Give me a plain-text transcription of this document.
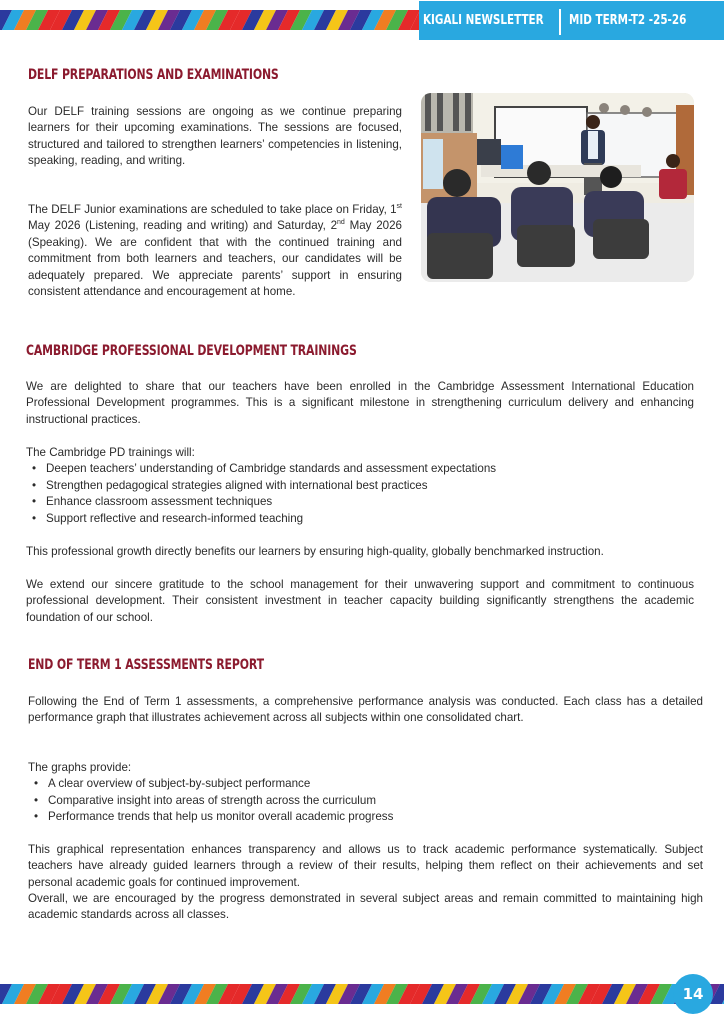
KIGALI NEWSLETTER MID TERM-T2 -25-26
DELF PREPARATIONS AND EXAMINATIONS

Our DELF training sessions are ongoing as we continue preparing learners for their upcoming examinations. The sessions are focused, structured and tailored to strengthen learners’ competencies in listening, speaking, reading, and writing.

The DELF Junior examinations are scheduled to take place on Friday, 1st May 2026 (Listening, reading and writing) and Saturday, 2nd May 2026 (Speaking). We are confident that with the continued training and commitment from both learners and teachers, our candidates will be adequately prepared. We appreciate parents’ support in ensuring consistent attendance and encouragement at home.

CAMBRIDGE PROFESSIONAL DEVELOPMENT TRAININGS

We are delighted to share that our teachers have been enrolled in the Cambridge Assessment International Education Professional Development programmes. This is a significant milestone in strengthening curriculum delivery and enhancing instructional practices.

The Cambridge PD trainings will:

• Deepen teachers’ understanding of Cambridge standards and assessment expectations
• Strengthen pedagogical strategies aligned with international best practices
• Enhance classroom assessment techniques
• Support reflective and research-informed teaching

This professional growth directly benefits our learners by ensuring high-quality, globally benchmarked instruction.

We extend our sincere gratitude to the school management for their unwavering support and commitment to continuous professional development. Their consistent investment in teacher capacity building significantly strengthens the academic foundation of our school.

END OF TERM 1 ASSESSMENTS REPORT

Following the End of Term 1 assessments, a comprehensive performance analysis was conducted. Each class has a detailed performance graph that illustrates achievement across all subjects within one consolidated chart.

The graphs provide:

• A clear overview of subject-by-subject performance
• Comparative insight into areas of strength across the curriculum
• Performance trends that help us monitor overall academic progress

This graphical representation enhances transparency and allows us to track academic performance systematically. Subject teachers have already guided learners through a review of their results, helping them reflect on their achievements and set personal academic goals for continued improvement.

Overall, we are encouraged by the progress demonstrated in several subject areas and remain committed to maintaining high academic standards across all classes.

14
